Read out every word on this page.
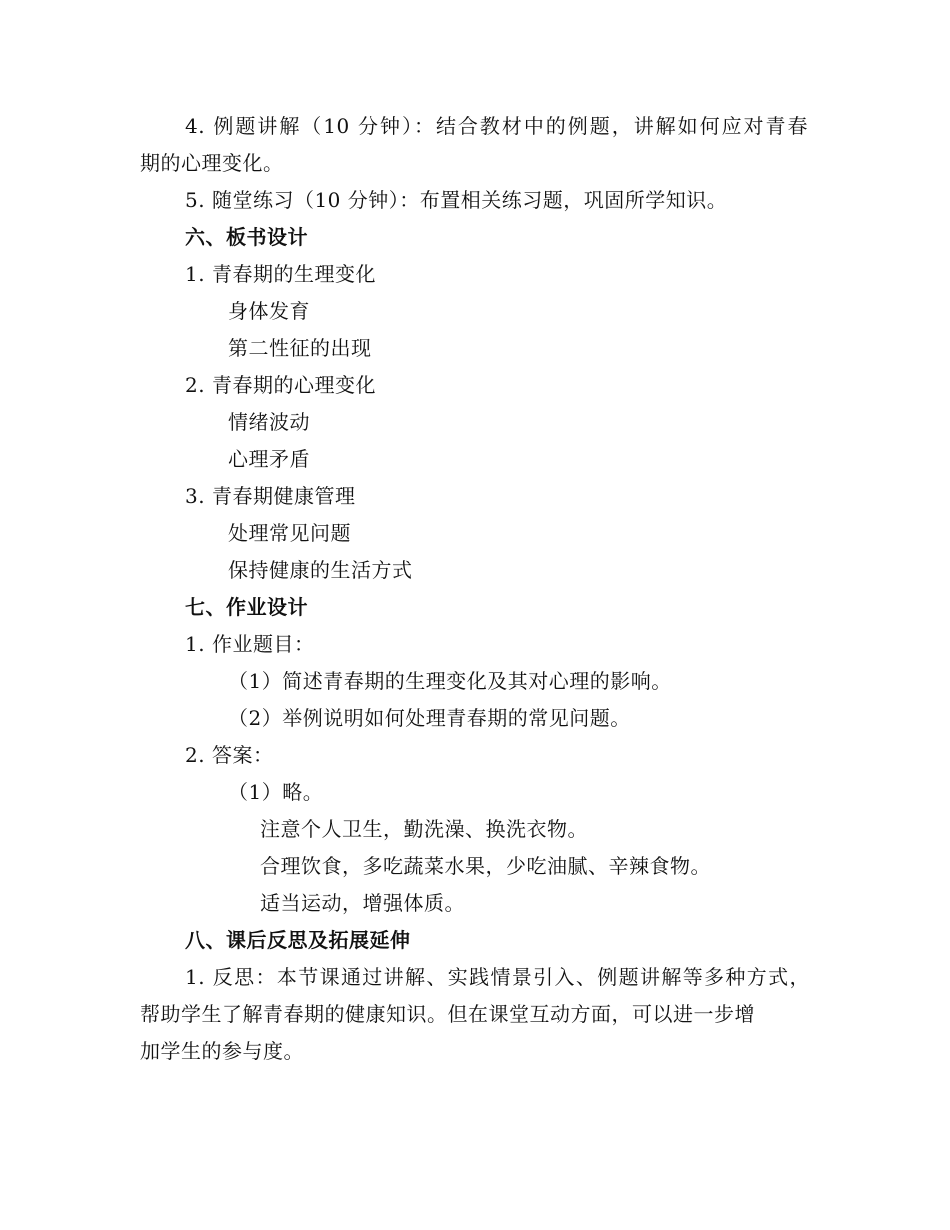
4. 例题讲解（10 分钟）：结合教材中的例题，讲解如何应对青春
期的心理变化。
5. 随堂练习（10 分钟）：布置相关练习题，巩固所学知识。
六、板书设计
1. 青春期的生理变化
身体发育
第二性征的出现
2. 青春期的心理变化
情绪波动
心理矛盾
3. 青春期健康管理
处理常见问题
保持健康的生活方式
七、作业设计
1. 作业题目：
（1）简述青春期的生理变化及其对心理的影响。
（2）举例说明如何处理青春期的常见问题。
2. 答案：
（1）略。
注意个人卫生，勤洗澡、换洗衣物。
合理饮食，多吃蔬菜水果，少吃油腻、辛辣食物。
适当运动，增强体质。
八、课后反思及拓展延伸
1. 反思：本节课通过讲解、实践情景引入、例题讲解等多种方式，
帮助学生了解青春期的健康知识。但在课堂互动方面，可以进一步增
加学生的参与度。
